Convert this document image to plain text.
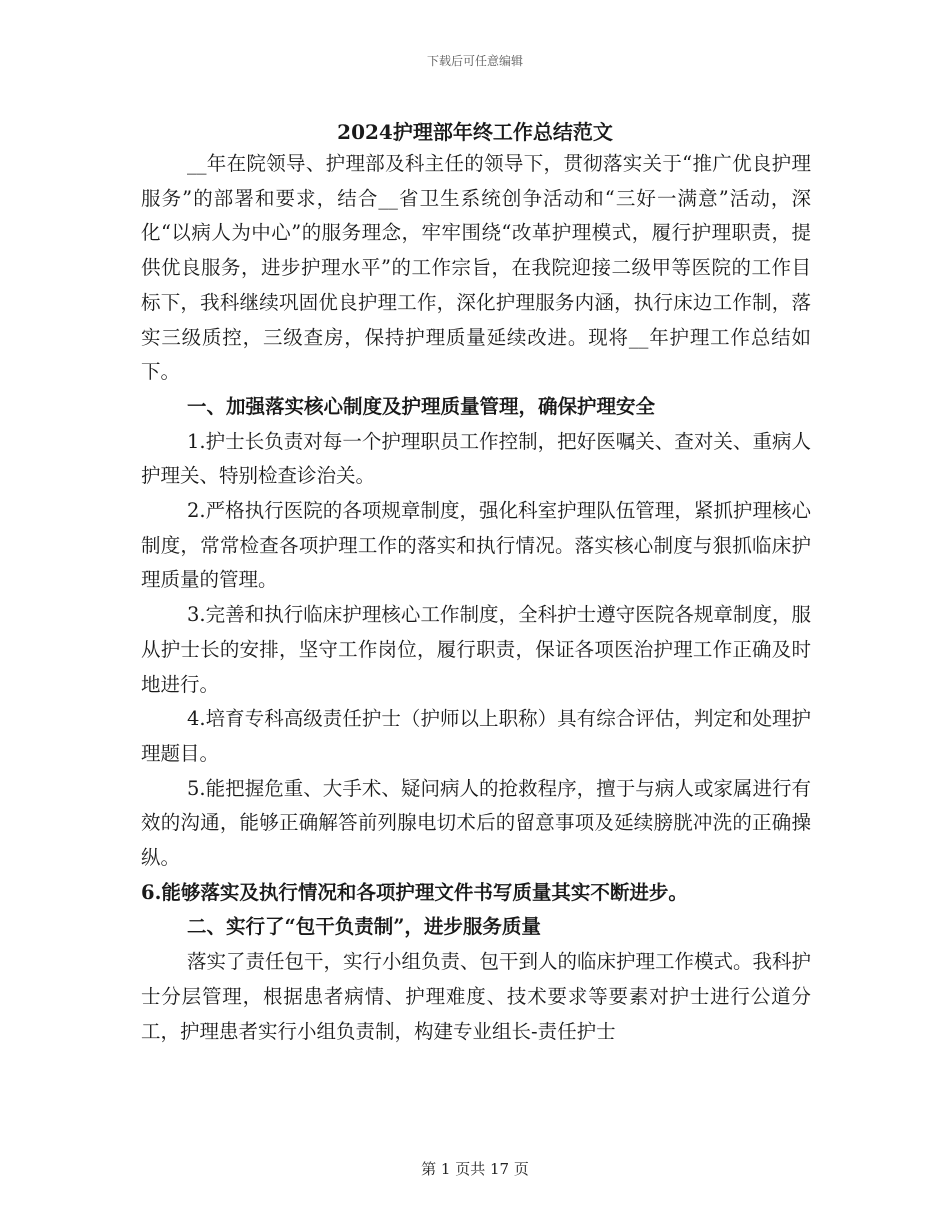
下载后可任意编辑
2024护理部年终工作总结范文

__年在院领导、护理部及科主任的领导下，贯彻落实关于“推广优良护理服务”的部署和要求，结合__省卫生系统创争活动和“三好一满意”活动，深化“以病人为中心”的服务理念，牢牢围绕“改革护理模式，履行护理职责，提供优良服务，进步护理水平”的工作宗旨，在我院迎接二级甲等医院的工作目标下，我科继续巩固优良护理工作，深化护理服务内涵，执行床边工作制，落实三级质控，三级查房，保持护理质量延续改进。现将__年护理工作总结如下。

一、加强落实核心制度及护理质量管理，确保护理安全

1.护士长负责对每一个护理职员工作控制，把好医嘱关、查对关、重病人护理关、特别检查诊治关。

2.严格执行医院的各项规章制度，强化科室护理队伍管理，紧抓护理核心制度，常常检查各项护理工作的落实和执行情况。落实核心制度与狠抓临床护理质量的管理。

3.完善和执行临床护理核心工作制度，全科护士遵守医院各规章制度，服从护士长的安排，坚守工作岗位，履行职责，保证各项医治护理工作正确及时地进行。

4.培育专科高级责任护士（护师以上职称）具有综合评估，判定和处理护理题目。

5.能把握危重、大手术、疑问病人的抢救程序，擅于与病人或家属进行有效的沟通，能够正确解答前列腺电切术后的留意事项及延续膀胱冲洗的正确操纵。

6.能够落实及执行情况和各项护理文件书写质量其实不断进步。

二、实行了“包干负责制”，进步服务质量

落实了责任包干，实行小组负责、包干到人的临床护理工作模式。我科护士分层管理，根据患者病情、护理难度、技术要求等要素对护士进行公道分工，护理患者实行小组负责制，构建专业组长-责任护士

第 1 页共 17 页
